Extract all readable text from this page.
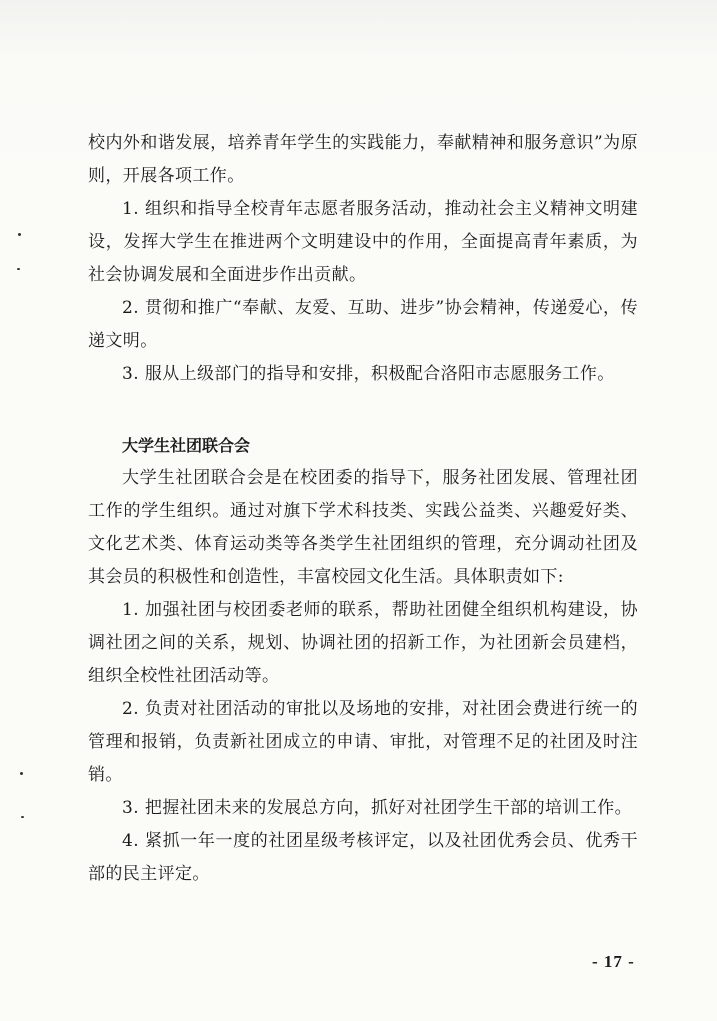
校内外和谐发展，培养青年学生的实践能力，奉献精神和服务意识”为原则，开展各项工作。

1. 组织和指导全校青年志愿者服务活动，推动社会主义精神文明建设，发挥大学生在推进两个文明建设中的作用，全面提高青年素质，为社会协调发展和全面进步作出贡献。

2. 贯彻和推广“奉献、友爱、互助、进步”协会精神，传递爱心，传递文明。

3. 服从上级部门的指导和安排，积极配合洛阳市志愿服务工作。

大学生社团联合会

大学生社团联合会是在校团委的指导下，服务社团发展、管理社团工作的学生组织。通过对旗下学术科技类、实践公益类、兴趣爱好类、文化艺术类、体育运动类等各类学生社团组织的管理，充分调动社团及其会员的积极性和创造性，丰富校园文化生活。具体职责如下:

1. 加强社团与校团委老师的联系，帮助社团健全组织机构建设，协调社团之间的关系，规划、协调社团的招新工作，为社团新会员建档，组织全校性社团活动等。

2. 负责对社团活动的审批以及场地的安排，对社团会费进行统一的管理和报销，负责新社团成立的申请、审批，对管理不足的社团及时注销。

3. 把握社团未来的发展总方向，抓好对社团学生干部的培训工作。

4. 紧抓一年一度的社团星级考核评定，以及社团优秀会员、优秀干部的民主评定。

- 17 -
